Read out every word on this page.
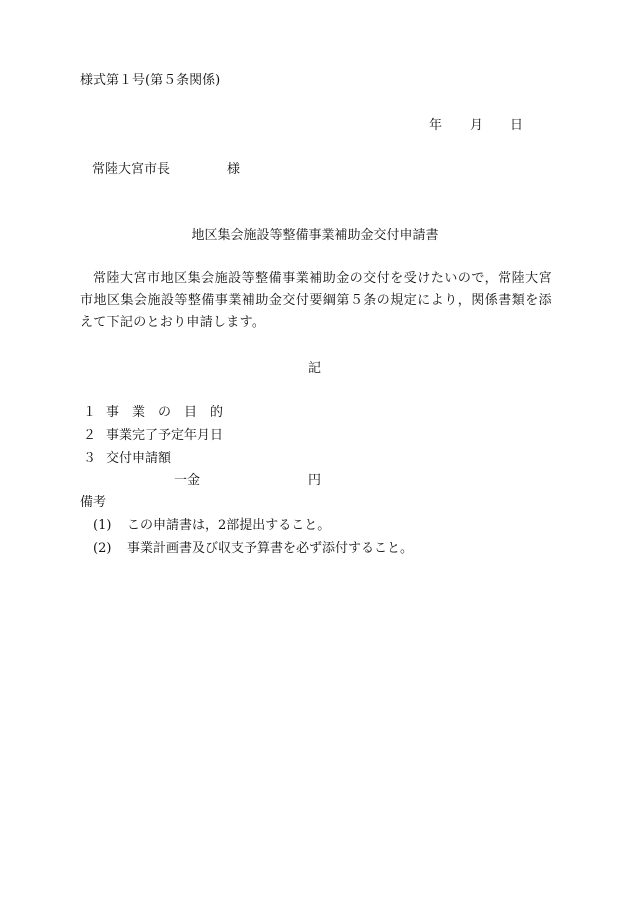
様式第１号(第５条関係)
年 月 日
常陸大宮市長	様
地区集会施設等整備事業補助金交付申請書
常陸大宮市地区集会施設等整備事業補助金の交付を受けたいので，常陸大宮市地区集会施設等整備事業補助金交付要綱第５条の規定により，関係書類を添えて下記のとおり申請します。
記
１ 事　業　の　目　的
２ 事業完了予定年月日
３ 交付申請額
一金	円
備考
(1) この申請書は，2部提出すること。
(2) 事業計画書及び収支予算書を必ず添付すること。
